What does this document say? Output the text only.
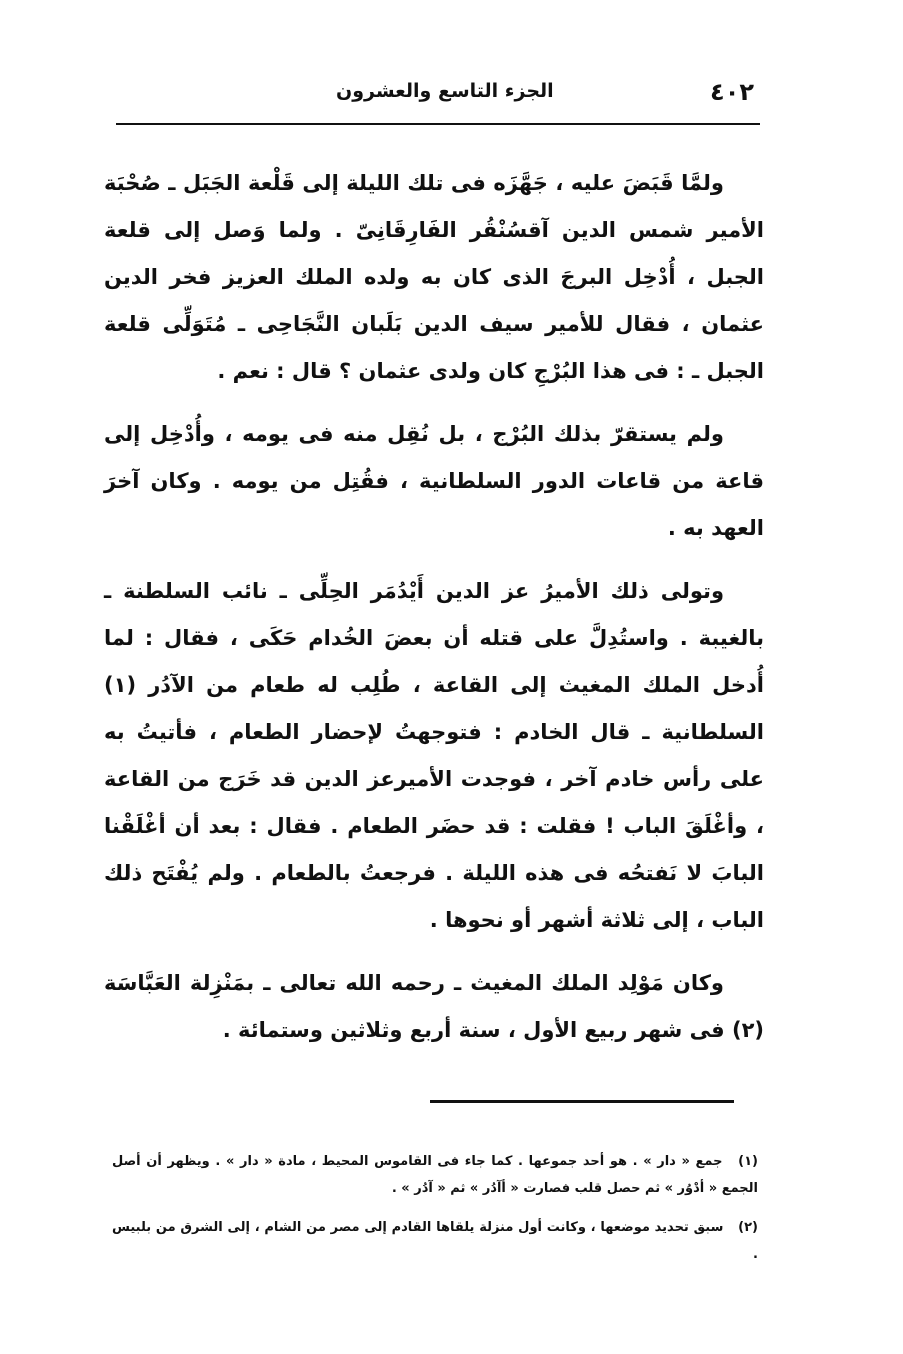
٤٠٢
الجزء التاسع والعشرون

ولمَّا قَبَضَ عليه ، جَهَّزَه فى تلك الليلة إلى قَلْعة الجَبَل ـ صُحْبَة الأمير شمس الدين آقسُنْقُر الفَارِقَانِىّ . ولما وَصل إلى قلعة الجبل ، أُدْخِل البرجَ الذى كان به ولده الملك العزيز فخر الدين عثمان ، فقال للأمير سيف الدين بَلَبان النَّجَاحِى ـ مُتَوَلِّى قلعة الجبل ـ : فى هذا البُرْجِ كان ولدى عثمان ؟ قال : نعم .

ولم يستقرّ بذلك البُرْج ، بل نُقِل منه فى يومه ، وأُدْخِل إلى قاعة من قاعات الدور السلطانية ، فقُتِل من يومه . وكان آخرَ العهد به .

وتولى ذلك الأميرُ عز الدين أَيْدُمَر الحِلِّى ـ نائب السلطنة ـ بالغيبة . واستُدِلَّ على قتله أن بعضَ الخُدام حَكَى ، فقال : لما أُدخل الملك المغيث إلى القاعة ، طُلِب له طعام من الآدُر (١) السلطانية ـ قال الخادم : فتوجهتُ لإحضار الطعام ، فأتيتُ به على رأس خادم آخر ، فوجدت الأميرعز الدين قد خَرَج من القاعة ، وأغْلَقَ الباب ! فقلت : قد حضَر الطعام . فقال : بعد أن أغْلَقْنا البابَ لا نَفتحُه فى هذه الليلة . فرجعتُ بالطعام . ولم يُفْتَح ذلك الباب ، إلى ثلاثة أشهر أو نحوها .

وكان مَوْلِد الملك المغيث ـ رحمه الله تعالى ـ بمَنْزِلة العَبَّاسَة (٢) فى شهر ربيع الأول ، سنة أربع وثلاثين وستمائة .

(١) جمع « دار » . هو أحد جموعها . كما جاء فى القاموس المحيط ، مادة « دار » . ويظهر أن أصل الجمع « أدْوُر » ثم حصل قلب فصارت « أآدُر » ثم « آدُر » .

(٢) سبق تحديد موضعها ، وكانت أول منزلة يلقاها القادم إلى مصر من الشام ، إلى الشرق من بلبيس .
